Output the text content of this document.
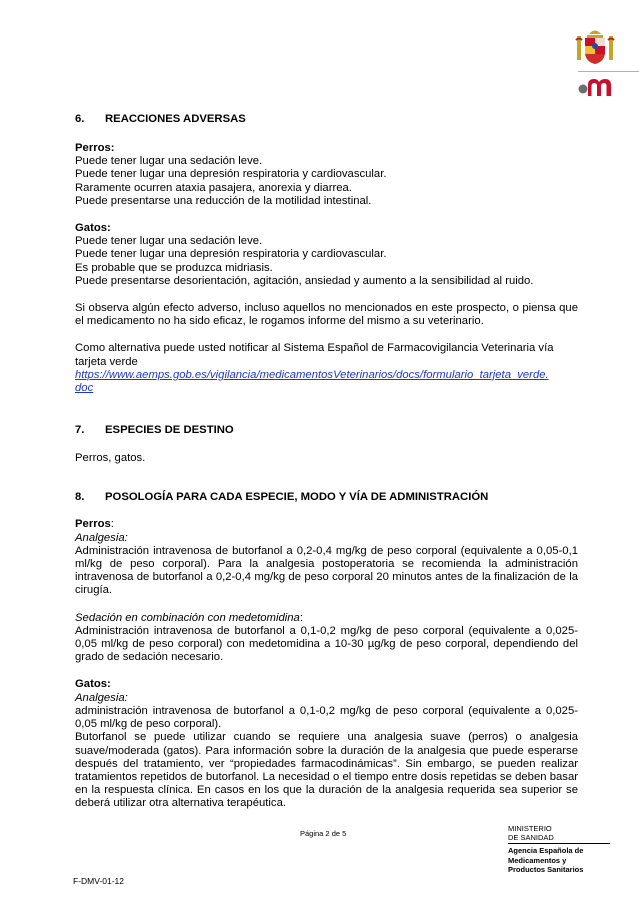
6. REACCIONES ADVERSAS

Perros:

Puede tener lugar una sedación leve.

Puede tener lugar una depresión respiratoria y cardiovascular.

Raramente ocurren ataxia pasajera, anorexia y diarrea.

Puede presentarse una reducción de la motilidad intestinal.

Gatos:

Puede tener lugar una sedación leve.

Puede tener lugar una depresión respiratoria y cardiovascular.

Es probable que se produzca midriasis.

Puede presentarse desorientación, agitación, ansiedad y aumento a la sensibilidad al ruido.

Si observa algún efecto adverso, incluso aquellos no mencionados en este prospecto, o piensa que el medicamento no ha sido eficaz, le rogamos informe del mismo a su veterinario.

Como alternativa puede usted notificar al Sistema Español de Farmacovigilancia Veterinaria vía

tarjeta verde

https://www.aemps.gob.es/vigilancia/medicamentosVeterinarios/docs/formulario_tarjeta_verde.

doc

7. ESPECIES DE DESTINO

Perros, gatos.

8. POSOLOGÍA PARA CADA ESPECIE, MODO Y VÍA DE ADMINISTRACIÓN

Perros:

Analgesia:

Administración intravenosa de butorfanol a 0,2-0,4 mg/kg de peso corporal (equivalente a 0,05-0,1 ml/kg de peso corporal). Para la analgesia postoperatoria se recomienda la administración intravenosa de butorfanol a 0,2-0,4 mg/kg de peso corporal 20 minutos antes de la finalización de la cirugía.

Sedación en combinación con medetomidina:

Administración intravenosa de butorfanol a 0,1-0,2 mg/kg de peso corporal (equivalente a 0,025-0,05 ml/kg de peso corporal) con medetomidina a 10-30 µg/kg de peso corporal, dependiendo del grado de sedación necesario.

Gatos:

Analgesia:

administración intravenosa de butorfanol a 0,1-0,2 mg/kg de peso corporal (equivalente a 0,025-0,05 ml/kg de peso corporal).

Butorfanol se puede utilizar cuando se requiere una analgesia suave (perros) o analgesia suave/moderada (gatos). Para información sobre la duración de la analgesia que puede esperarse después del tratamiento, ver “propiedades farmacodinámicas”. Sin embargo, se pueden realizar tratamientos repetidos de butorfanol. La necesidad o el tiempo entre dosis repetidas se deben basar en la respuesta clínica. En casos en los que la duración de la analgesia requerida sea superior se deberá utilizar otra alternativa terapéutica.

Página 2 de 5
MINISTERIO
DE SANIDAD
Agencia Española de
Medicamentos y
Productos Sanitarios
F-DMV-01-12
